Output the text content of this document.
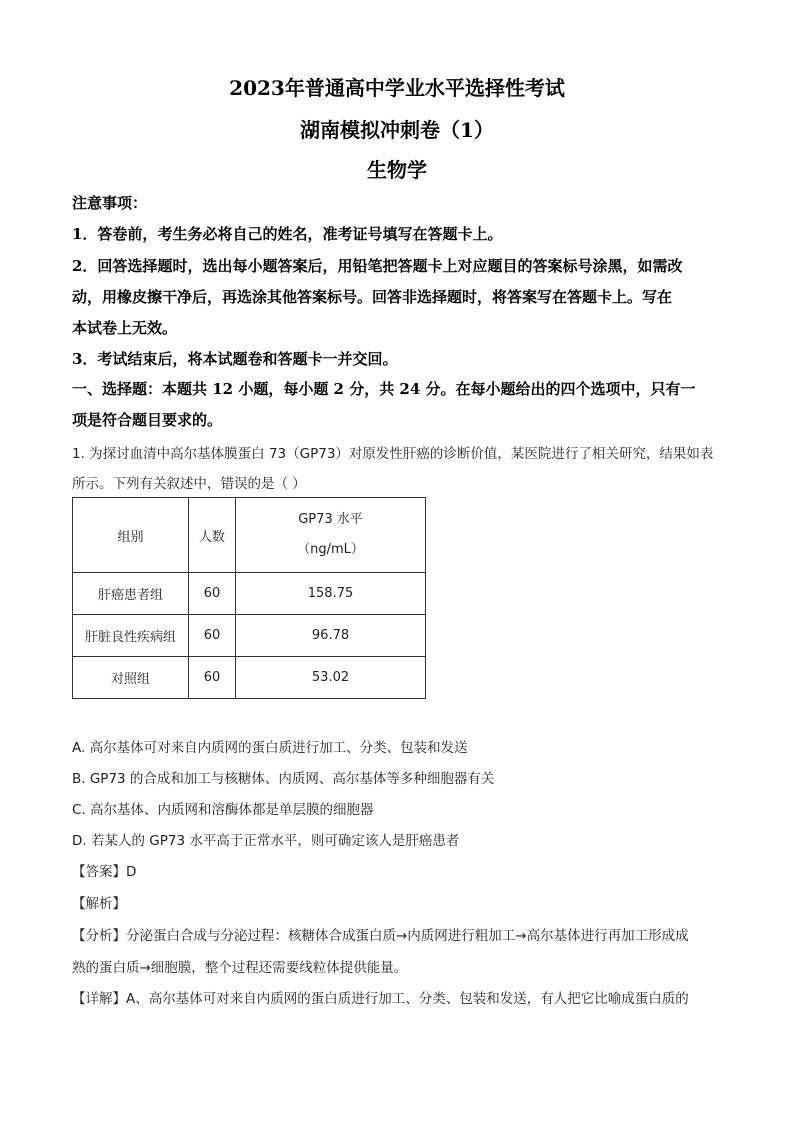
2023年普通高中学业水平选择性考试
湖南模拟冲刺卷（1）
生物学
注意事项：
1．答卷前，考生务必将自己的姓名，准考证号填写在答题卡上。
2．回答选择题时，选出每小题答案后，用铅笔把答题卡上对应题目的答案标号涂黑，如需改
动，用橡皮擦干净后，再选涂其他答案标号。回答非选择题时，将答案写在答题卡上。写在
本试卷上无效。
3．考试结束后，将本试题卷和答题卡一并交回。
一、选择题：本题共 12 小题，每小题 2 分，共 24 分。在每小题给出的四个选项中，只有一
项是符合题目要求的。
1. 为探讨血清中高尔基体膜蛋白 73（GP73）对原发性肝癌的诊断价值，某医院进行了相关研究，结果如表
所示。下列有关叙述中，错误的是（ ）
组别	人数	GP73 水平
（ng/mL）

肝癌患者组	60	158.75
肝脏良性疾病组	60	96.78
对照组	60	53.02
A. 高尔基体可对来自内质网的蛋白质进行加工、分类、包装和发送
B. GP73 的合成和加工与核糖体、内质网、高尔基体等多种细胞器有关
C. 高尔基体、内质网和溶酶体都是单层膜的细胞器
D. 若某人的 GP73 水平高于正常水平，则可确定该人是肝癌患者
【答案】D
【解析】
【分析】分泌蛋白合成与分泌过程：核糖体合成蛋白质→内质网进行粗加工→高尔基体进行再加工形成成
熟的蛋白质→细胞膜，整个过程还需要线粒体提供能量。
【详解】A、高尔基体可对来自内质网的蛋白质进行加工、分类、包装和发送，有人把它比喻成蛋白质的
